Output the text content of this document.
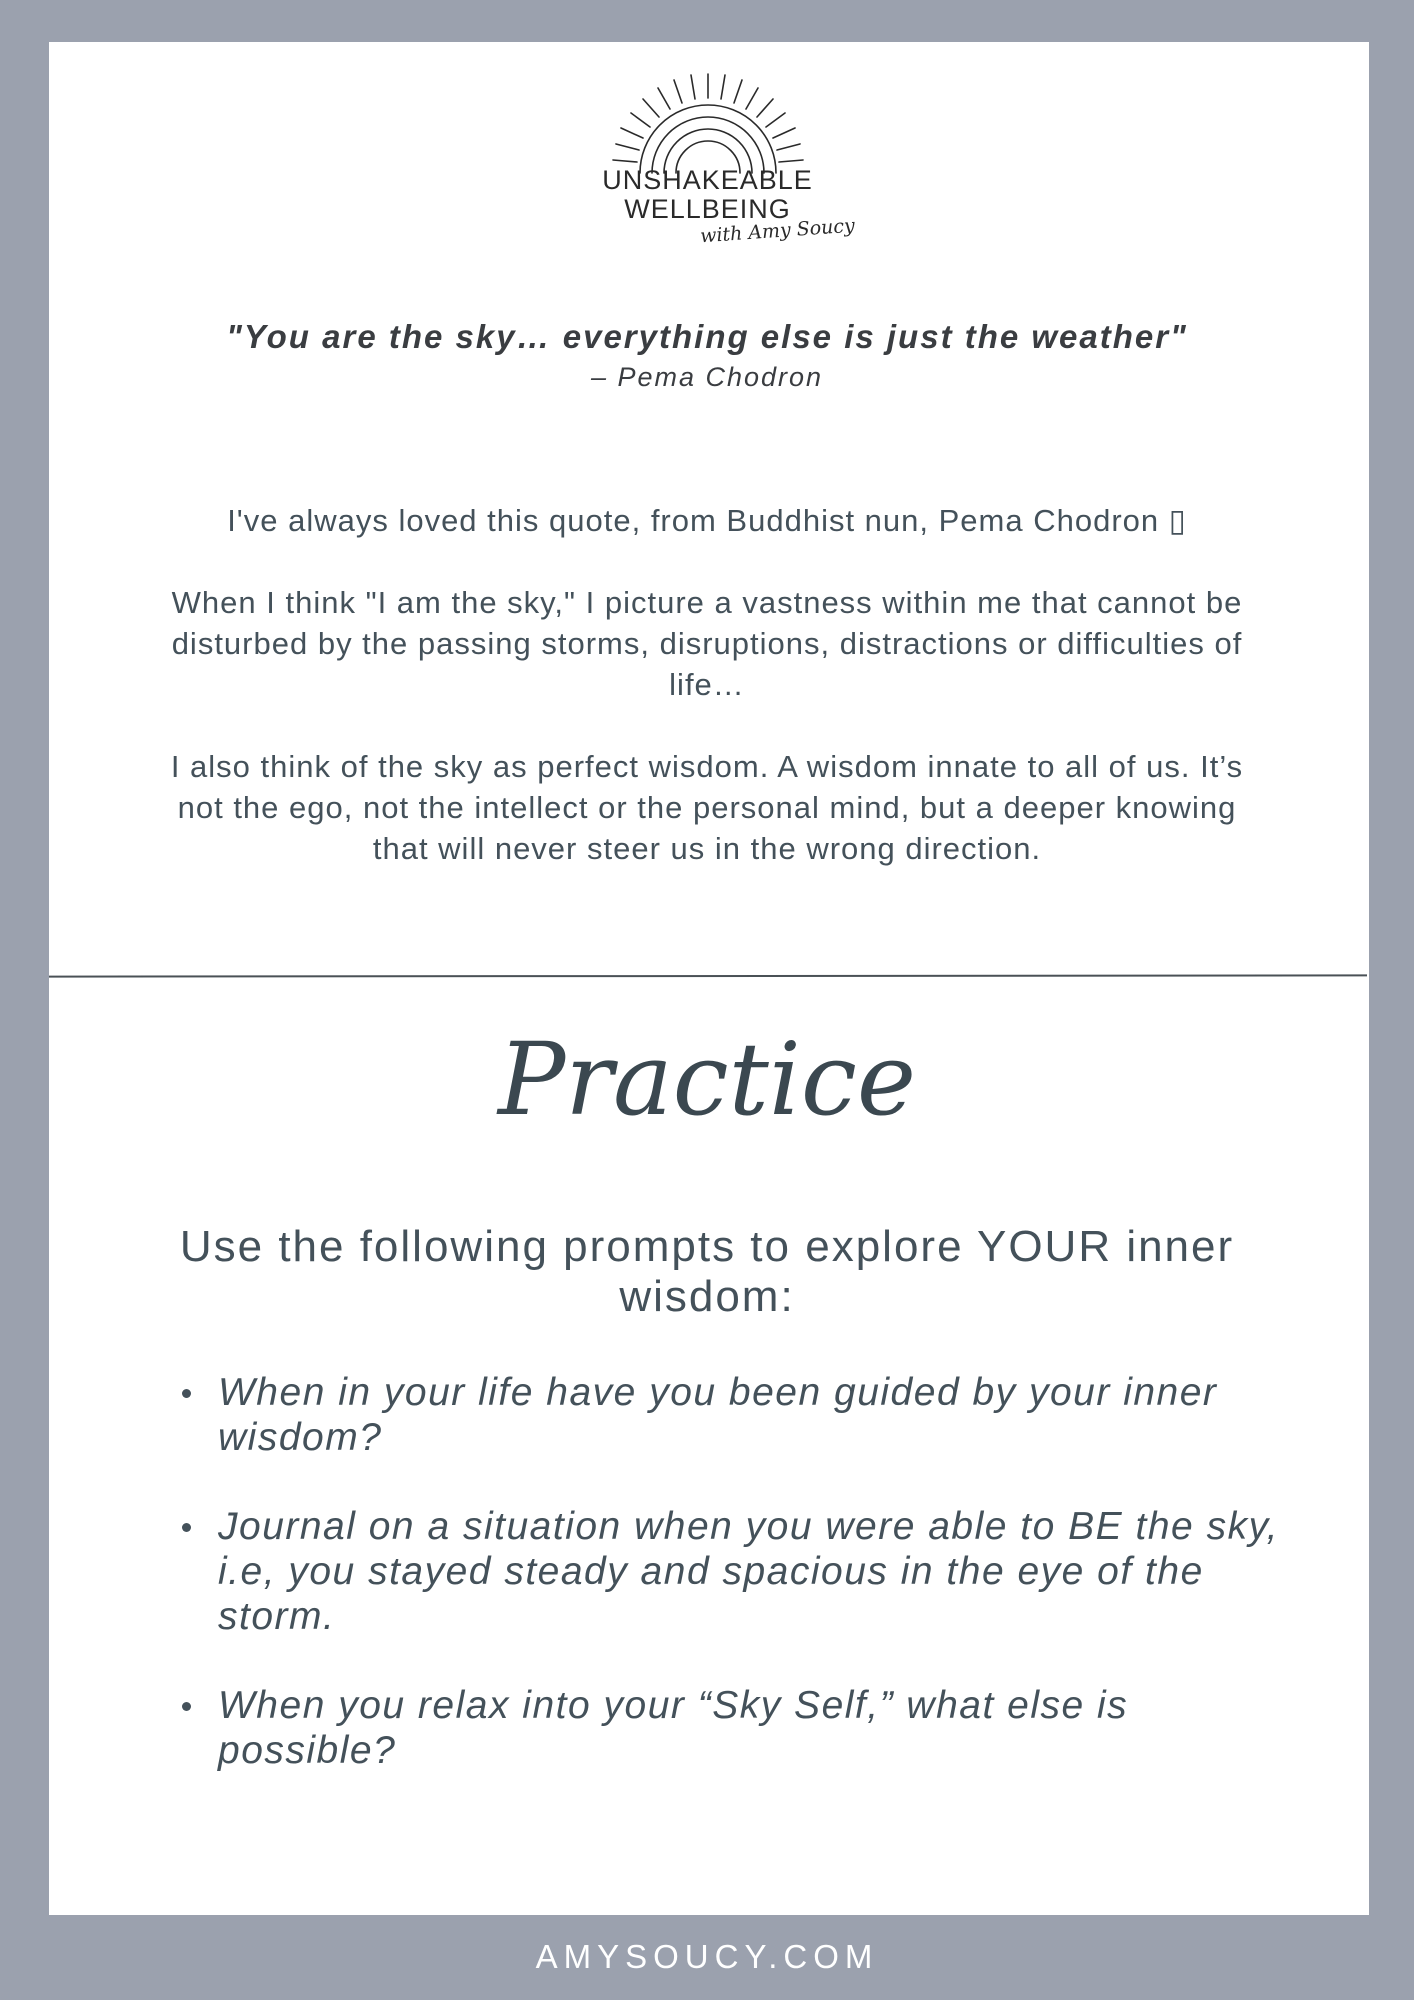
UNSHAKEABLE
WELLBEING
with Amy Soucy

"You are the sky… everything else is just the weather"

– Pema Chodron

I've always loved this quote, from Buddhist nun, Pema Chodron ▯

When I think "I am the sky," I picture a vastness within me that cannot be disturbed by the passing storms, disruptions, distractions or difficulties of life…

I also think of the sky as perfect wisdom. A wisdom innate to all of us. It’s not the ego, not the intellect or the personal mind, but a deeper knowing that will never steer us in the wrong direction.

Practice

Use the following prompts to explore YOUR inner wisdom:

When in your life have you been guided by your inner wisdom?
Journal on a situation when you were able to BE the sky, i.e, you stayed steady and spacious in the eye of the storm.
When you relax into your “Sky Self,” what else is possible?
AMYSOUCY.COM
